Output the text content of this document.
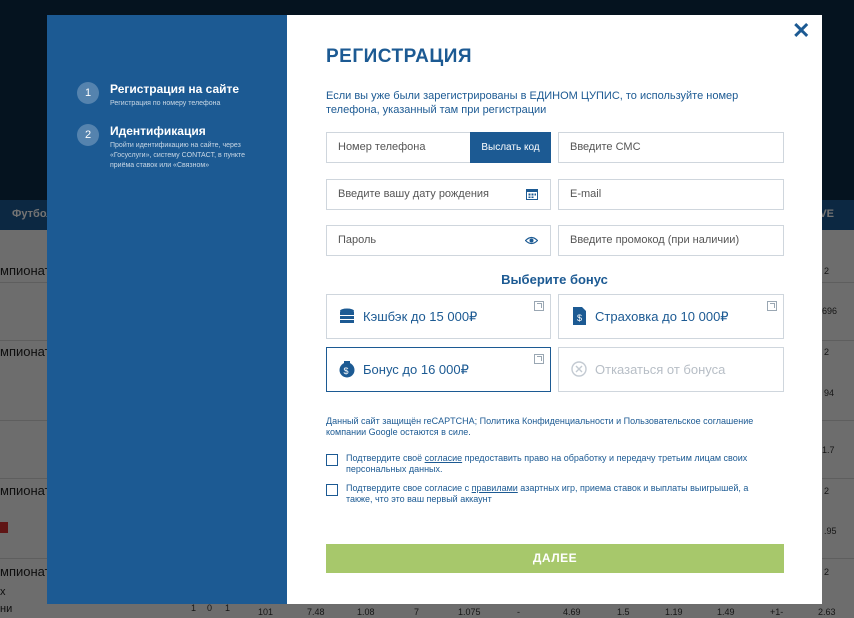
1	Регистрация на сайте
Регистрация по номеру телефона
2	Идентификация
Пройти идентификацию на сайте, через «Госуслуги», систему CONTACT, в пункте приёма ставок или «Связном»
✕
РЕГИСТРАЦИЯ

Если вы уже были зарегистрированы в ЕДИНОМ ЦУПИС, то используйте номер телефона, указанный там при регистрации

Номер телефона	Выслать код	Введите СМС
Введите вашу дату рождения	E-mail
Пароль	Введите промокод (при наличии)
Выберите бонус
Кэшбэк до 15 000₽	$ Страховка до 10 000₽
$ Бонус до 16 000₽	Отказаться от бонуса

Данный сайт защищён reCAPTCHA; Политика Конфиденциальности и Пользовательское соглашение компании Google остаются в силе.

Подтвердите своё согласие предоставить право на обработку и передачу третьим лицам своих персональных данных.
Подтвердите свое согласие с правилами азартных игр, приема ставок и выплаты выигрышей, а также, что это ваш первый аккаунт
ДАЛЕЕ
